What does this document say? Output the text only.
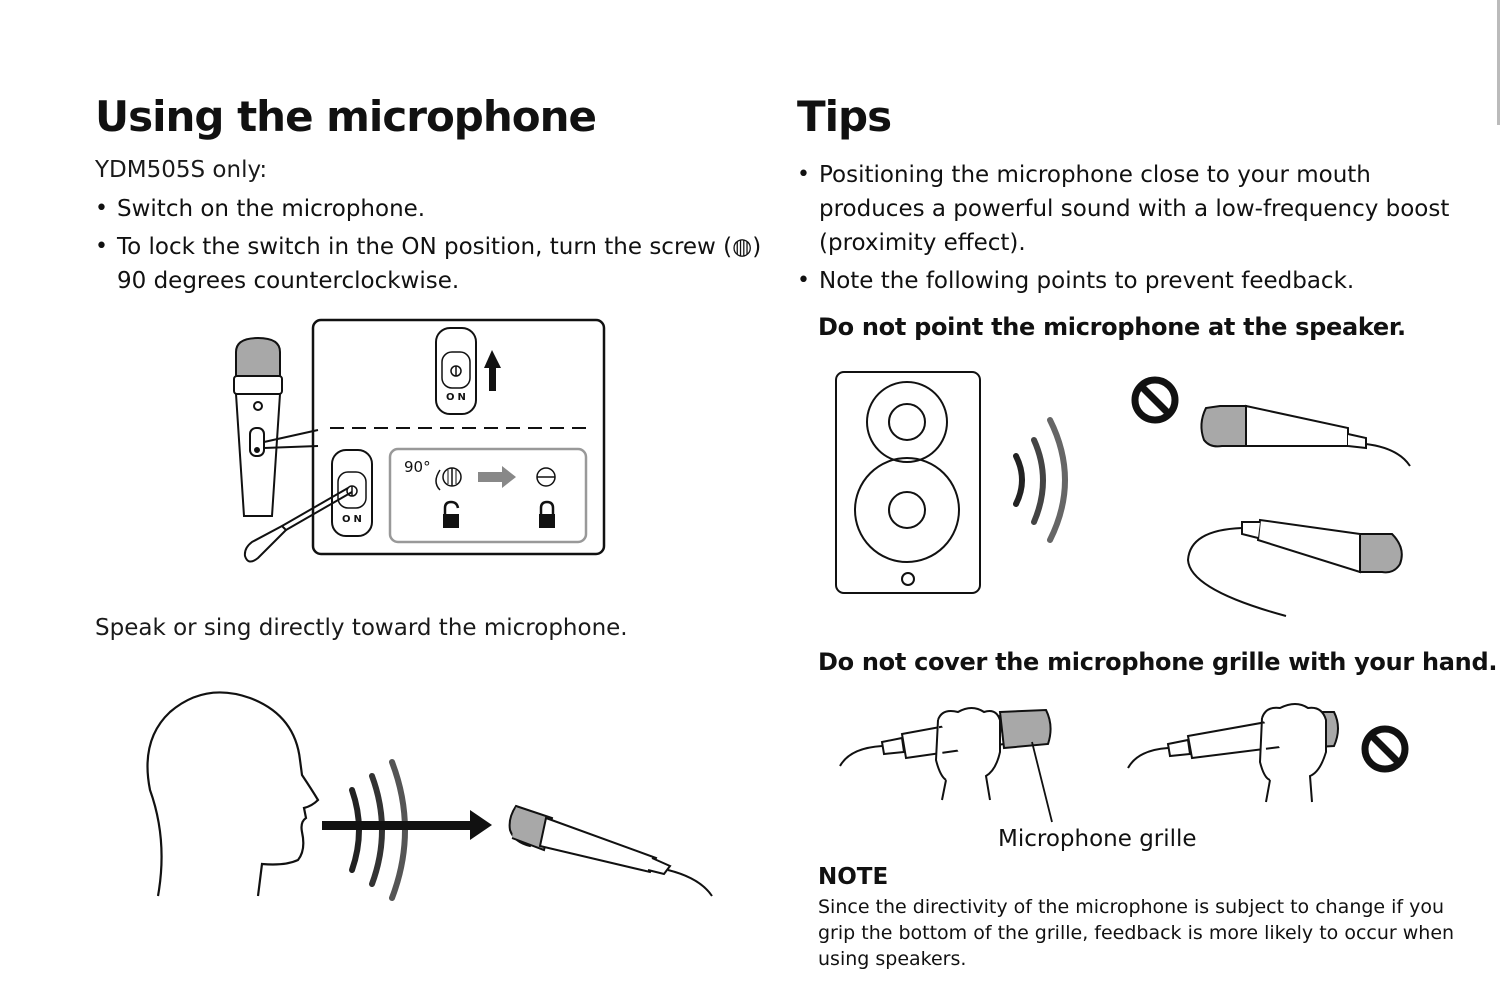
Using the microphone
YDM505S only:
• Switch on the microphone.
• To lock the switch in the ON position, turn the screw (◍)
90 degrees counterclockwise.
ON
ON
90°
Speak or sing directly toward the microphone.
Tips
• Positioning the microphone close to your mouth
produces a powerful sound with a low-frequency boost
(proximity effect).
• Note the following points to prevent feedback.
Do not point the microphone at the speaker.
Do not cover the microphone grille with your hand.
Microphone grille
NOTE
Since the directivity of the microphone is subject to change if you grip the bottom of the grille, feedback is more likely to occur when using speakers.
